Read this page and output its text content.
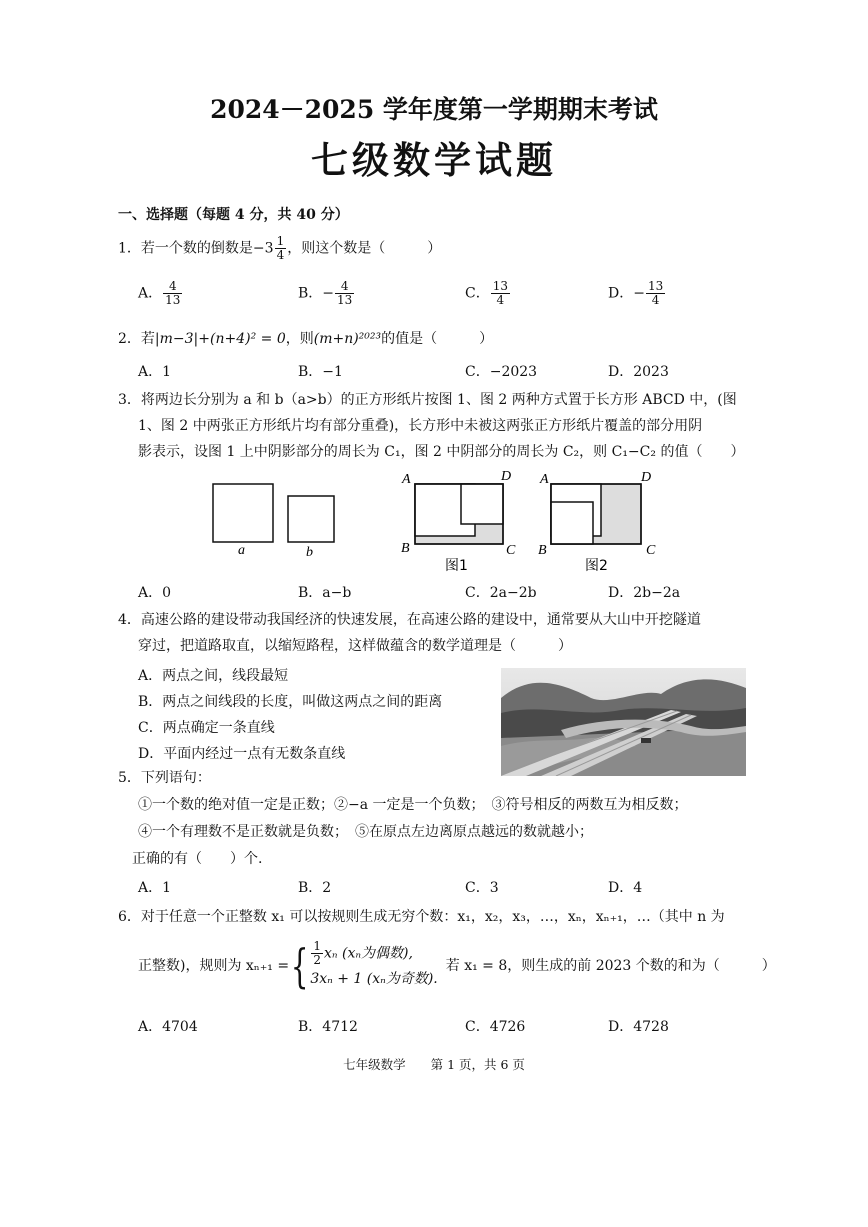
2024－2025 学年度第一学期期末考试
七级数学试题
一、选择题（每题 4 分，共 40 分）
1．若一个数的倒数是$-3 \frac{1}{4}$ ，则这个数是（　　　）
A． $\frac{4}{13}$	B．− $\frac{4}{13}$	C． $\frac{13}{4}$	D．− $\frac{13}{4}$
2．若|m−3|+(n+4)² = 0，则(m+n)²⁰²³的值是（　　　）
A．1	B．−1	C．−2023	D．2023
3．将两边长分别为 a 和 b（a>b）的正方形纸片按图 1、图 2 两种方式置于长方形 ABCD 中，(图
1、图 2 中两张正方形纸片均有部分重叠)，长方形中未被这两张正方形纸片覆盖的部分用阴
影表示，设图 1 上中阴影部分的周长为 C₁，图 2 中阴部分的周长为 C₂，则 C₁−C₂ 的值（　　）
a	b
A	D
B	C
图1
A	D
B	C
图2
A．0	B．a−b	C．2a−2b	D．2b−2a
4．高速公路的建设带动我国经济的快速发展，在高速公路的建设中，通常要从大山中开挖隧道
穿过，把道路取直，以缩短路程，这样做蕴含的数学道理是（　　　）
A．两点之间，线段最短
B．两点之间线段的长度，叫做这两点之间的距离
C．两点确定一条直线
D．平面内经过一点有无数条直线
5．下列语句：
①一个数的绝对值一定是正数；②−a 一定是一个负数；　③符号相反的两数互为相反数；
④一个有理数不是正数就是负数；　⑤在原点左边离原点越远的数就越小；
正确的有（　　）个.
A．1	B．2	C．3	D．4
6．对于任意一个正整数 x₁ 可以按规则生成无穷个数：x₁，x₂，x₃，…，xₙ，xₙ₊₁，…（其中 n 为
正整数)，规则为 xₙ₊₁ ={ $\frac{1}{2}$ xₙ (xₙ为偶数),
3xₙ + 1 (xₙ为奇数).
若 x₁ = 8，则生成的前 2023 个数的和为（　　　）
A．4704	B．4712	C．4726	D．4728
七年级数学　　第 1 页，共 6 页
